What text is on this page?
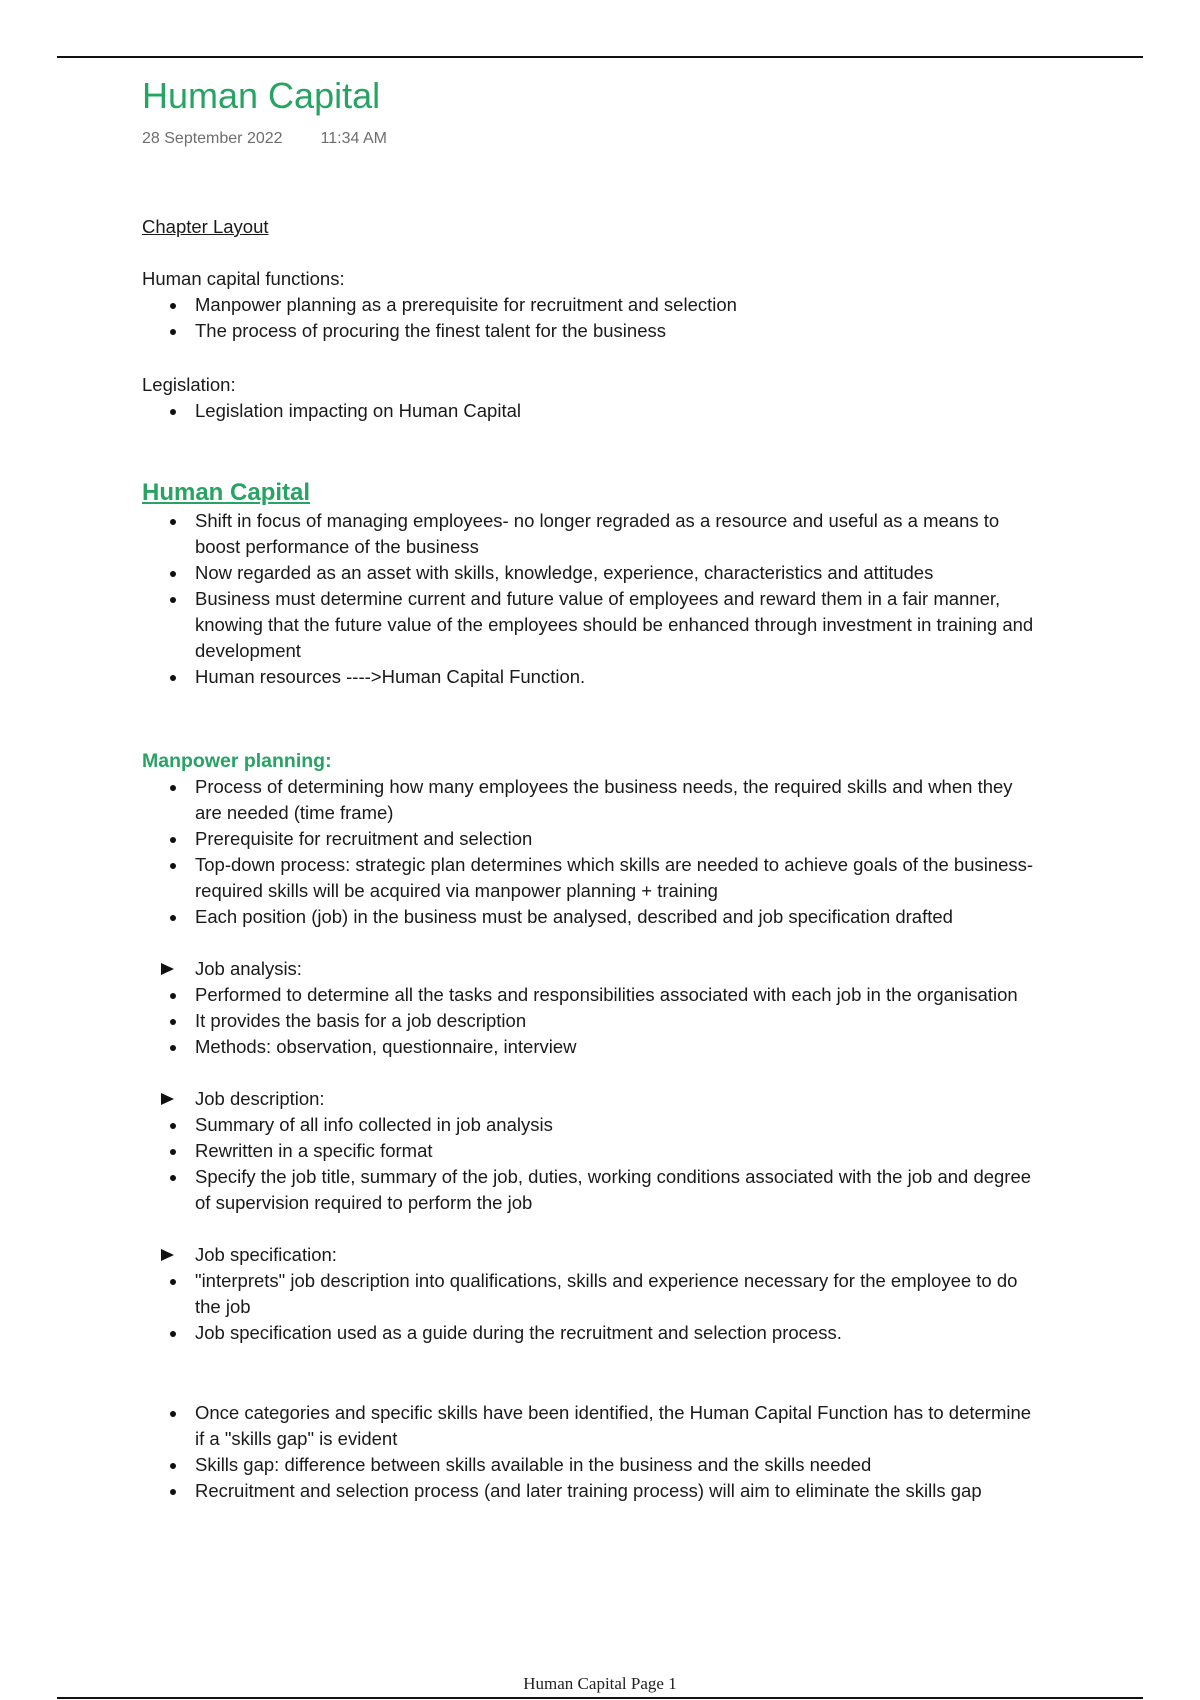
Human Capital
28 September 2022 11:34 AM
Chapter Layout

Human capital functions:

Manpower planning as a prerequisite for recruitment and selection
The process of procuring the finest talent for the business

Legislation:

Legislation impacting on Human Capital
Human Capital
Shift in focus of managing employees- no longer regraded as a resource and useful as a means to boost performance of the business
Now regarded as an asset with skills, knowledge, experience, characteristics and attitudes
Business must determine current and future value of employees and reward them in a fair manner, knowing that the future value of the employees should be enhanced through investment in training and development
Human resources ---->Human Capital Function.
Manpower planning:
Process of determining how many employees the business needs, the required skills and when they are needed (time frame)
Prerequisite for recruitment and selection
Top-down process: strategic plan determines which skills are needed to achieve goals of the business- required skills will be acquired via manpower planning + training
Each position (job) in the business must be analysed, described and job specification drafted
Job analysis:
Performed to determine all the tasks and responsibilities associated with each job in the organisation
It provides the basis for a job description
Methods: observation, questionnaire, interview
Job description:
Summary of all info collected in job analysis
Rewritten in a specific format
Specify the job title, summary of the job, duties, working conditions associated with the job and degree of supervision required to perform the job
Job specification:
"interprets" job description into qualifications, skills and experience necessary for the employee to do the job
Job specification used as a guide during the recruitment and selection process.
Once categories and specific skills have been identified, the Human Capital Function has to determine if a "skills gap" is evident
Skills gap: difference between skills available in the business and the skills needed
Recruitment and selection process (and later training process) will aim to eliminate the skills gap
Human Capital Page 1
